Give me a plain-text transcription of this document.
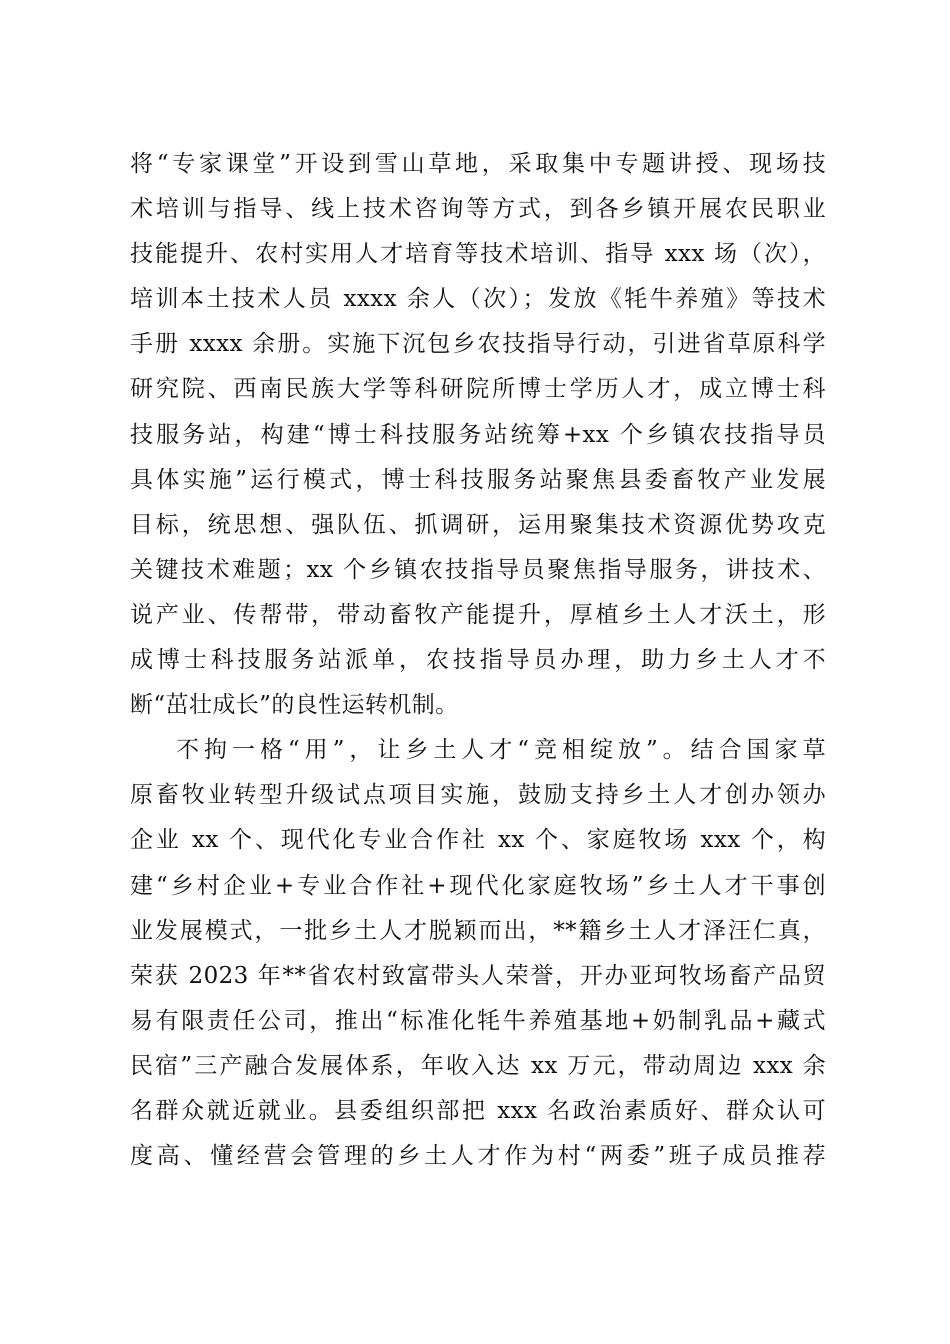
将“专家课堂”开设到雪山草地，采取集中专题讲授、现场技
术培训与指导、线上技术咨询等方式，到各乡镇开展农民职业
技能提升、农村实用人才培育等技术培训、指导 xxx 场（次），
培训本土技术人员 xxxx 余人（次）；发放《牦牛养殖》等技术
手册 xxxx 余册。实施下沉包乡农技指导行动，引进省草原科学
研究院、西南民族大学等科研院所博士学历人才，成立博士科
技服务站，构建“博士科技服务站统筹+xx 个乡镇农技指导员
具体实施”运行模式，博士科技服务站聚焦县委畜牧产业发展
目标，统思想、强队伍、抓调研，运用聚集技术资源优势攻克
关键技术难题；xx 个乡镇农技指导员聚焦指导服务，讲技术、
说产业、传帮带，带动畜牧产能提升，厚植乡土人才沃土，形
成博士科技服务站派单，农技指导员办理，助力乡土人才不
断“茁壮成长”的良性运转机制。
不拘一格“用”，让乡土人才“竞相绽放”。结合国家草
原畜牧业转型升级试点项目实施，鼓励支持乡土人才创办领办
企业 xx 个、现代化专业合作社 xx 个、家庭牧场 xxx 个，构
建“乡村企业+专业合作社+现代化家庭牧场”乡土人才干事创
业发展模式，一批乡土人才脱颖而出，**籍乡土人才泽汪仁真，
荣获 2023 年**省农村致富带头人荣誉，开办亚珂牧场畜产品贸
易有限责任公司，推出“标准化牦牛养殖基地+奶制乳品+藏式
民宿”三产融合发展体系，年收入达 xx 万元，带动周边 xxx 余
名群众就近就业。县委组织部把 xxx 名政治素质好、群众认可
度高、懂经营会管理的乡土人才作为村“两委”班子成员推荐
